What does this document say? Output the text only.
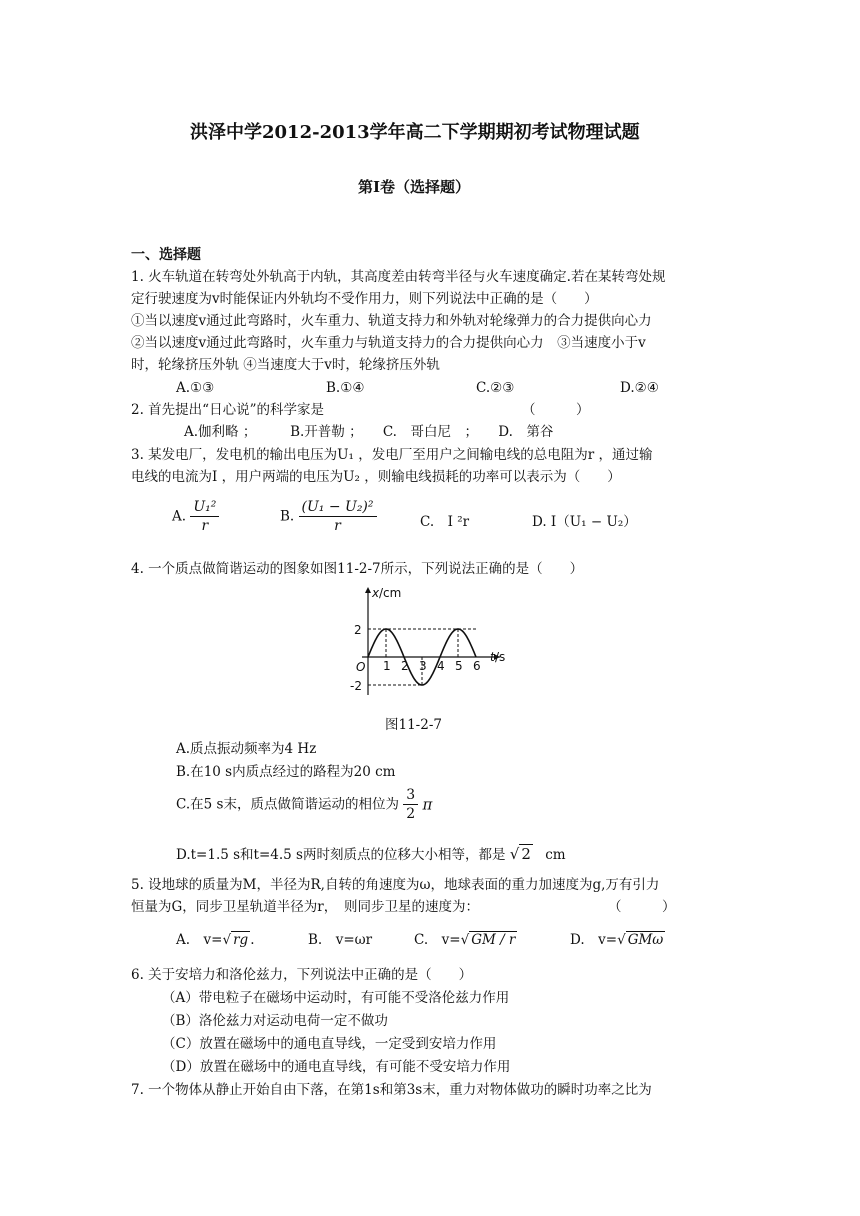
洪泽中学2012-2013学年高二下学期期初考试物理试题
第Ⅰ卷（选择题）
一、选择题
1. 火车轨道在转弯处外轨高于内轨，其高度差由转弯半径与火车速度确定.若在某转弯处规
定行驶速度为v时能保证内外轨均不受作用力，则下列说法中正确的是（　　）
①当以速度v通过此弯路时，火车重力、轨道支持力和外轨对轮缘弹力的合力提供向心力
②当以速度v通过此弯路时，火车重力与轨道支持力的合力提供向心力　③当速度小于v
时，轮缘挤压外轨 ④当速度大于v时，轮缘挤压外轨
A.①③	B.①④	C.②③	D.②④
2. 首先提出“日心说”的科学家是	（　　　）
A.伽利略 ；　　　B.开普勒 ；　　C.　哥白尼　；　　D.　第谷
3. 某发电厂，发电机的输出电压为U₁ ，发电厂至用户之间输电线的总电阻为r ，通过输
电线的电流为I ，用户两端的电压为U₂ ，则输电线损耗的功率可以表示为（　　）
A. $\frac{\text{U₁²}}{r}$	B. $\frac{\text{(U₁ − U₂)²}}{r}$	C.　I ²r	D. I（U₁ − U₂）
4. 一个质点做简谐运动的图象如图11-2-7所示，下列说法正确的是（　　）
x /cm
t /s
2
-2
O 1 2 3 4 5 6
图11-2-7
A.质点振动频率为4 Hz
B.在10 s内质点经过的路程为20 cm
C.在5 s末，质点做简谐运动的相位为 $\frac{3}{2}$ π
D.t=1.5 s和t=4.5 s两时刻质点的位移大小相等，都是 √ 2 cm
5. 设地球的质量为M，半径为R,自转的角速度为ω，地球表面的重力加速度为g,万有引力
恒量为G，同步卫星轨道半径为r，　则同步卫星的速度为：	（　　　）
A.　v=√ rg .	B.　v=ωr	C.　v=√ GM / r	D.　v=√ GMω
6. 关于安培力和洛伦兹力，下列说法中正确的是（　　）
（A）带电粒子在磁场中运动时，有可能不受洛伦兹力作用
（B）洛伦兹力对运动电荷一定不做功
（C）放置在磁场中的通电直导线，一定受到安培力作用
（D）放置在磁场中的通电直导线，有可能不受安培力作用
7. 一个物体从静止开始自由下落，在第1s和第3s末，重力对物体做功的瞬时功率之比为
